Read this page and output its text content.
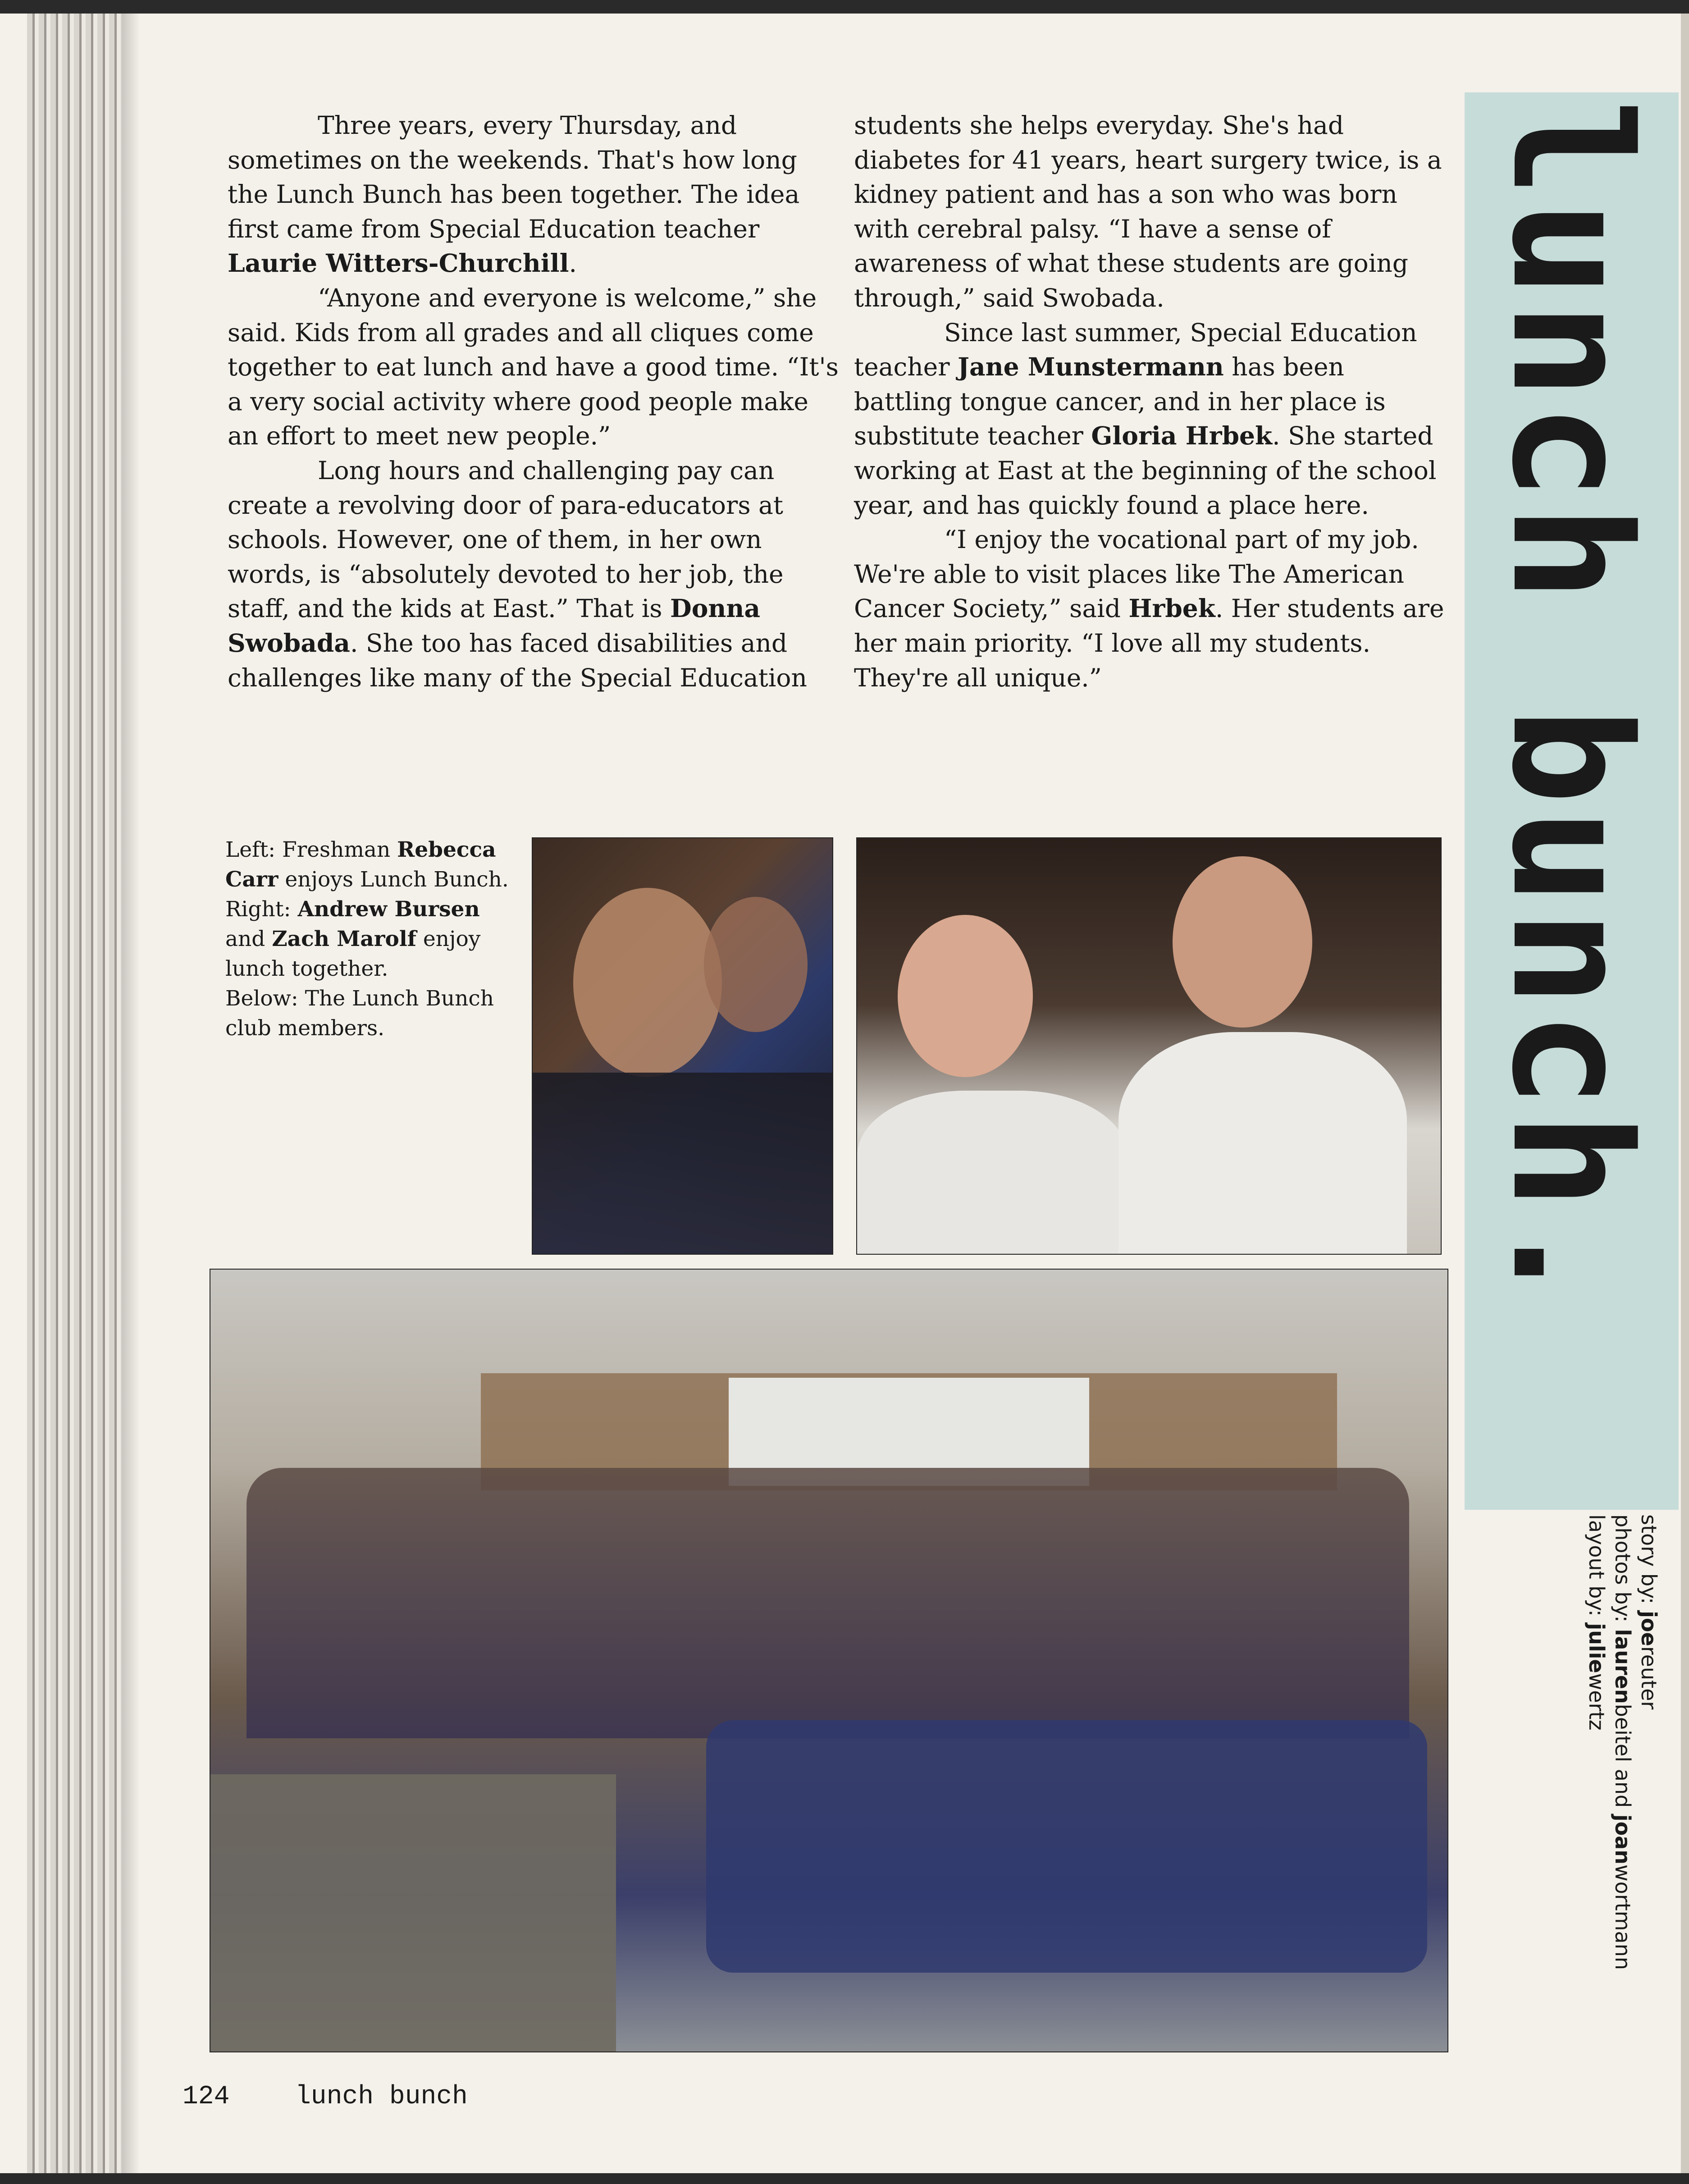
Three years, every Thursday, and sometimes on the weekends. That's how long the Lunch Bunch has been together. The idea first came from Special Education teacher Laurie Witters-Churchill.

“Anyone and everyone is welcome,” she said. Kids from all grades and all cliques come together to eat lunch and have a good time. “It's a very social activity where good people make an effort to meet new people.”

Long hours and challenging pay can create a revolving door of para-educators at schools. However, one of them, in her own words, is “absolutely devoted to her job, the staff, and the kids at East.” That is Donna Swobada. She too has faced disabilities and challenges like many of the Special Education

students she helps everyday. She's had diabetes for 41 years, heart surgery twice, is a kidney patient and has a son who was born with cerebral palsy. “I have a sense of awareness of what these students are going through,” said Swobada.

Since last summer, Special Education teacher Jane Munstermann has been battling tongue cancer, and in her place is substitute teacher Gloria Hrbek. She started working at East at the beginning of the school year, and has quickly found a place here.

“I enjoy the vocational part of my job. We're able to visit places like The American Cancer Society,” said Hrbek. Her students are her main priority. “I love all my students. They're all unique.”

Left: Freshman Rebecca Carr enjoys Lunch Bunch.

Right: Andrew Bursen and Zach Marolf enjoy lunch together.

Below: The Lunch Bunch club members.	lunch bunch.

story by: joereuter

photos by: laurenbeitel and joanwortmann

layout by: juliewertz

124	lunch bunch
